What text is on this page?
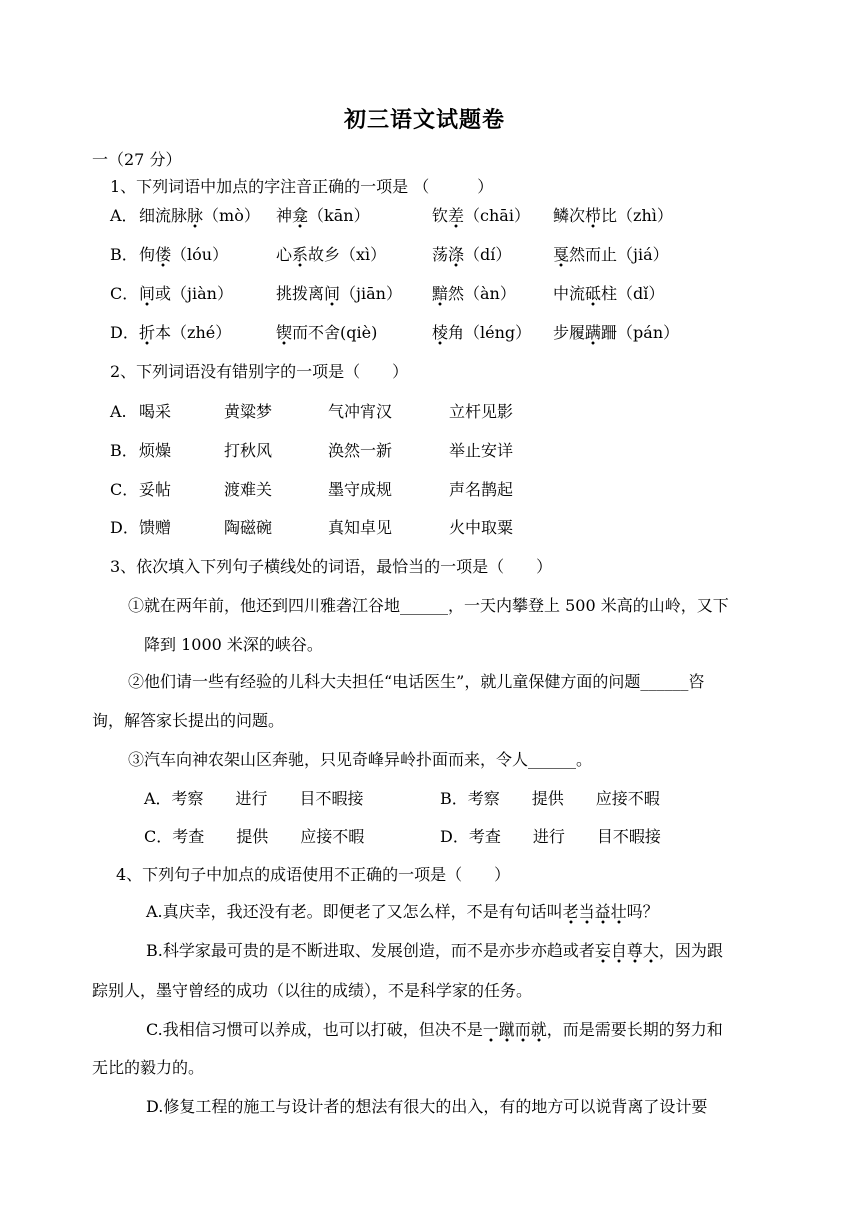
初三语文试题卷
一（27 分）
1、下列词语中加点的字注音正确的一项是 （　　　）
A． 细流脉脉（mò） 神龛（kān）	钦差（chāi） 鳞次栉比（zhì）
B． 佝偻（lóu）	心系故乡（xì）	荡涤（dí）	戛然而止（jiá）
C． 间或（jiàn）	挑拨离间（jiān） 黯然（àn） 中流砥柱（dǐ）
D． 折本（zhé）	锲而不舍(qiè)	棱角（léng） 步履蹒跚（pán）
2、下列词语没有错别字的一项是（　　）
A. 喝采	黄粱梦	气冲宵汉	立杆见影
B． 烦燥	打秋风	涣然一新	举止安详
C． 妥帖	渡难关	墨守成规	声名鹊起
D． 馈赠	陶磁碗	真知卓见	火中取粟
3、依次填入下列句子横线处的词语，最恰当的一项是（　　）
①就在两年前，他还到四川雅砻江谷地______，一天内攀登上 500 米高的山岭，又下
降到 1000 米深的峡谷。
②他们请一些有经验的儿科大夫担任“电话医生”，就儿童保健方面的问题______咨
询，解答家长提出的问题。
③汽车向神农架山区奔驰，只见奇峰异岭扑面而来，令人______。
A．考察　　进行　　目不暇接	B．考察　　提供　　应接不暇
C．考查　　提供　　应接不暇	D．考查　　进行　　目不暇接
4、下列句子中加点的成语使用不正确的一项是（　　）
A.真庆幸，我还没有老。即便老了又怎么样，不是有句话叫老当益壮吗？
B.科学家最可贵的是不断进取、发展创造，而不是亦步亦趋或者妄自尊大，因为跟
踪别人，墨守曾经的成功（以往的成绩），不是科学家的任务。
C.我相信习惯可以养成，也可以打破，但决不是一蹴而就，而是需要长期的努力和
无比的毅力的。
D.修复工程的施工与设计者的想法有很大的出入，有的地方可以说背离了设计要
